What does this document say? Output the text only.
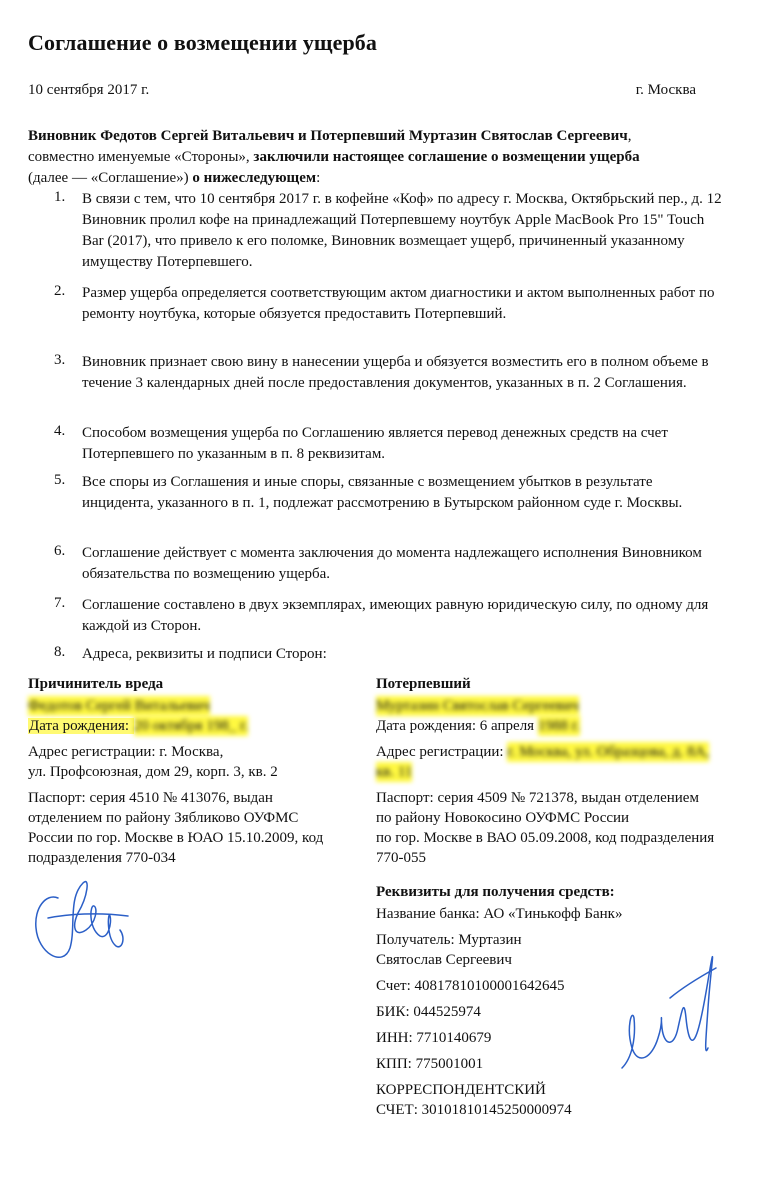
Соглашение о возмещении ущерба
10 сентября 2017 г.	г. Москва
Виновник Федотов Сергей Витальевич и Потерпевший Муртазин Святослав Сергеевич, совместно именуемые «Стороны», заключили настоящее соглашение о возмещении ущерба (далее — «Соглашение») о нижеследующем:
1. В связи с тем, что 10 сентября 2017 г. в кофейне «Коф» по адресу г. Москва, Октябрьский пер., д. 12 Виновник пролил кофе на принадлежащий Потерпевшему ноутбук Apple MacBook Pro 15" Touch Bar (2017), что привело к его поломке, Виновник возмещает ущерб, причиненный указанному имуществу Потерпевшего.
2. Размер ущерба определяется соответствующим актом диагностики и актом выполненных работ по ремонту ноутбука, которые обязуется предоставить Потерпевший.
3. Виновник признает свою вину в нанесении ущерба и обязуется возместить его в полном объеме в течение 3 календарных дней после предоставления документов, указанных в п. 2 Соглашения.
4. Способом возмещения ущерба по Соглашению является перевод денежных средств на счет Потерпевшего по указанным в п. 8 реквизитам.
5. Все споры из Соглашения и иные споры, связанные с возмещением убытков в результате инцидента, указанного в п. 1, подлежат рассмотрению в Бутырском районном суде г. Москвы.
6. Соглашение действует с момента заключения до момента надлежащего исполнения Виновником обязательства по возмещению ущерба.
7. Соглашение составлено в двух экземплярах, имеющих равную юридическую силу, по одному для каждой из Сторон.
8. Адреса, реквизиты и подписи Сторон:
Причинитель вреда
Федотов Сергей Витальевич
Дата рождения: 20 октября 198_ г.
Адрес регистрации: г. Москва,
ул. Профсоюзная, дом 29, корп. 3, кв. 2
Паспорт: серия 4510 № 413076, выдан
отделением по району Зябликово ОУФМС
России по гор. Москве в ЮАО 15.10.2009, код
подразделения 770-034
Потерпевший
Муртазин Святослав Сергеевич
Дата рождения: 6 апреля 1988 г.
Адрес регистрации: г. Москва, ул. Образцова, д. 8А,
кв. 11
Паспорт: серия 4509 № 721378, выдан отделением
по району Новокосино ОУФМС России
по гор. Москве в ВАО 05.09.2008, код подразделения
770-055
Реквизиты для получения средств:
Название банка: АО «Тинькофф Банк»
Получатель: Муртазин
Святослав Сергеевич
Счет: 40817810100001642645
БИК: 044525974
ИНН: 7710140679
КПП: 775001001
КОРРЕСПОНДЕНТСКИЙ
СЧЕТ: 30101810145250000974
